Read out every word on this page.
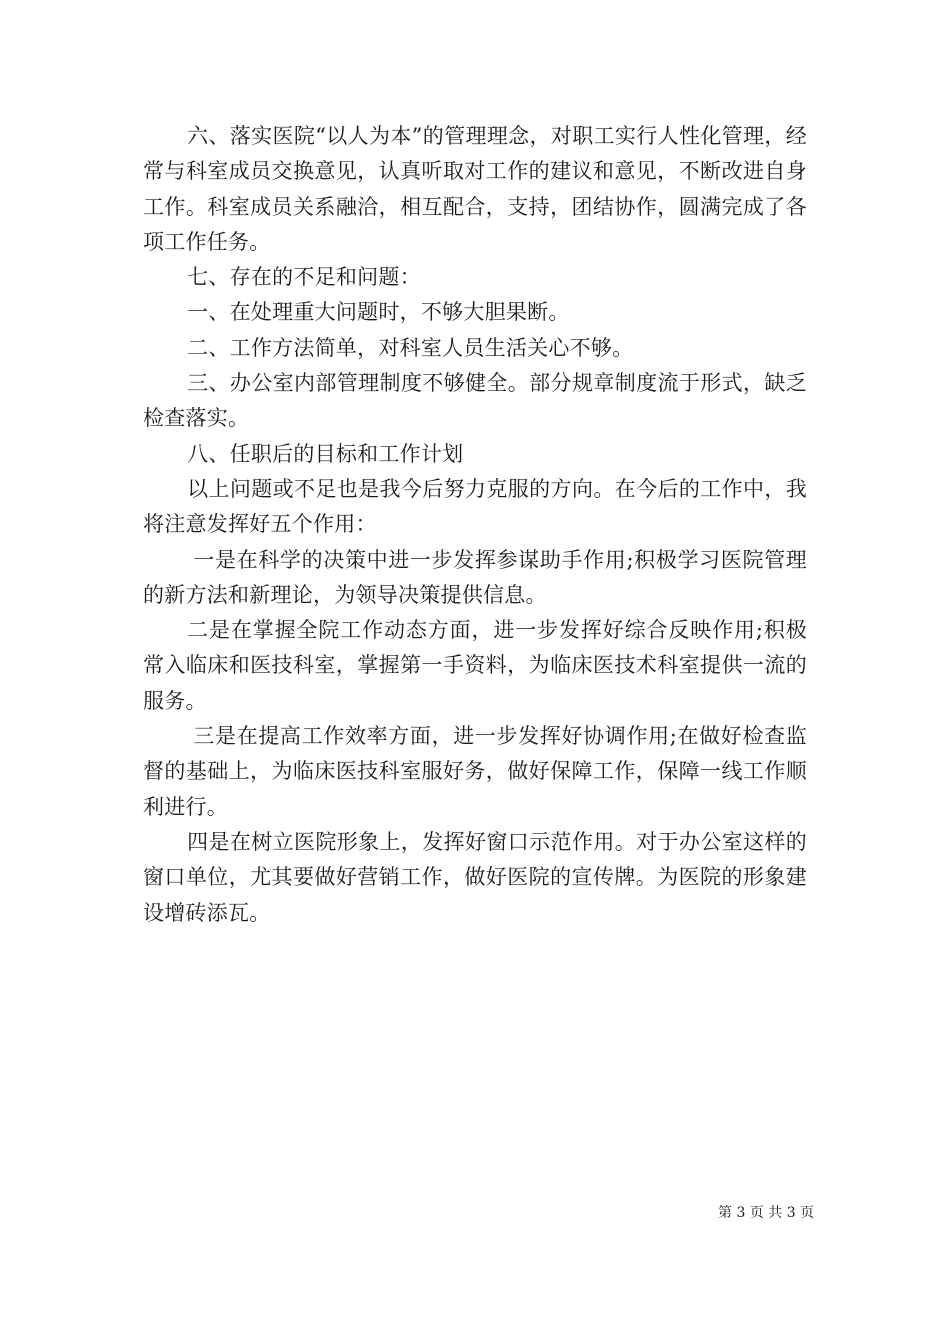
六、落实医院“以人为本”的管理理念，对职工实行人性化管理，经常与科室成员交换意见，认真听取对工作的建议和意见，不断改进自身工作。科室成员关系融洽，相互配合，支持，团结协作，圆满完成了各项工作任务。

七、存在的不足和问题：

一、在处理重大问题时，不够大胆果断。

二、工作方法简单，对科室人员生活关心不够。

三、办公室内部管理制度不够健全。部分规章制度流于形式，缺乏检查落实。

八、任职后的目标和工作计划

以上问题或不足也是我今后努力克服的方向。在今后的工作中，我将注意发挥好五个作用：

一是在科学的决策中进一步发挥参谋助手作用;积极学习医院管理的新方法和新理论，为领导决策提供信息。

二是在掌握全院工作动态方面，进一步发挥好综合反映作用;积极常入临床和医技科室，掌握第一手资料，为临床医技术科室提供一流的服务。

三是在提高工作效率方面，进一步发挥好协调作用;在做好检查监督的基础上，为临床医技科室服好务，做好保障工作，保障一线工作顺利进行。

四是在树立医院形象上，发挥好窗口示范作用。对于办公室这样的窗口单位，尤其要做好营销工作，做好医院的宣传牌。为医院的形象建设增砖添瓦。

第 3 页 共 3 页
